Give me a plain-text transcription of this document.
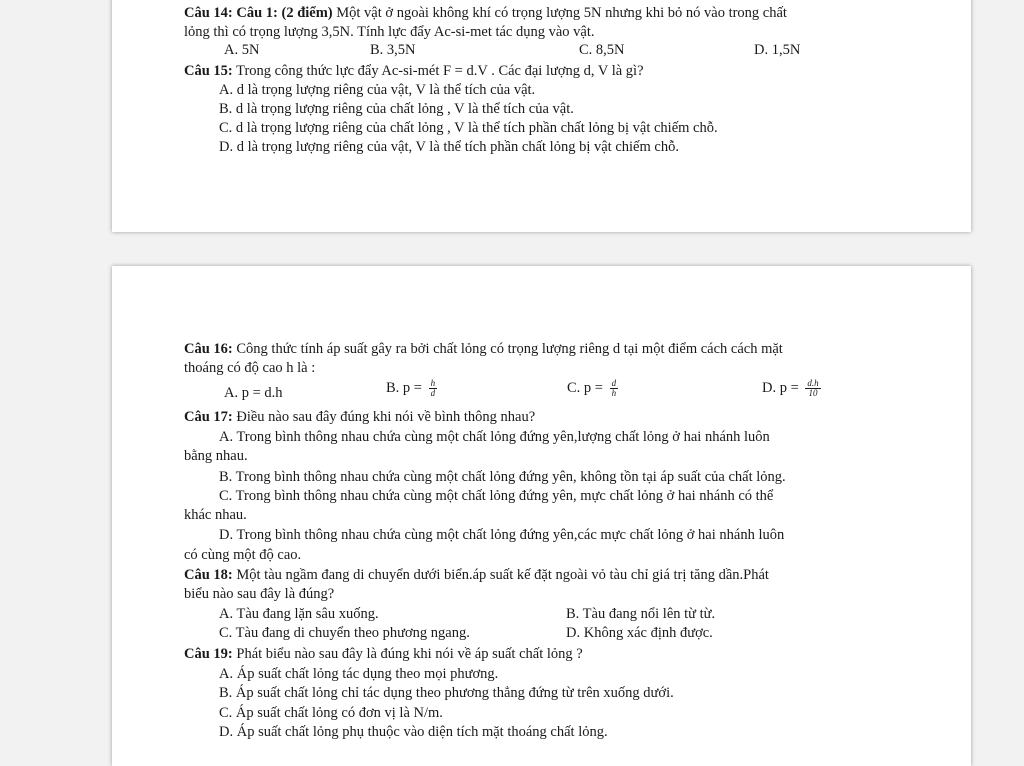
Câu 14: Câu 1: (2 điểm) Một vật ở ngoài không khí có trọng lượng 5N nhưng khi bỏ nó vào trong chất
lỏng thì có trọng lượng 3,5N. Tính lực đẩy Ac-si-met tác dụng vào vật.
A. 5N	B. 3,5N	C. 8,5N	D. 1,5N
Câu 15: Trong công thức lực đẩy Ac-si-mét F = d.V . Các đại lượng d, V là gì?
A. d là trọng lượng riêng của vật, V là thể tích của vật.
B. d là trọng lượng riêng của chất lỏng , V là thể tích của vật.
C. d là trọng lượng riêng của chất lỏng , V là thể tích phần chất lỏng bị vật chiếm chỗ.
D. d là trọng lượng riêng của vật, V là thể tích phần chất lỏng bị vật chiếm chỗ.
Câu 16: Công thức tính áp suất gây ra bởi chất lỏng có trọng lượng riêng d tại một điểm cách cách mặt
thoáng có độ cao h là :
A. p = d.h	B. $p = \frac{h}{d}$	C. $p = \frac{d}{h}$	D. $p = \frac{d.h}{10}$
Câu 17: Điều nào sau đây đúng khi nói về bình thông nhau?
A. Trong bình thông nhau chứa cùng một chất lỏng đứng yên,lượng chất lỏng ở hai nhánh luôn
bằng nhau.
B. Trong bình thông nhau chứa cùng một chất lỏng đứng yên, không tồn tại áp suất của chất lỏng.
C. Trong bình thông nhau chứa cùng một chất lỏng đứng yên, mực chất lỏng ở hai nhánh có thể
khác nhau.
D. Trong bình thông nhau chứa cùng một chất lỏng đứng yên,các mực chất lỏng ở hai nhánh luôn
có cùng một độ cao.
Câu 18: Một tàu ngầm đang di chuyển dưới biển.áp suất kế đặt ngoài vỏ tàu chỉ giá trị tăng dần.Phát
biểu nào sau đây là đúng?
A. Tàu đang lặn sâu xuống.	B. Tàu đang nổi lên từ từ.
C. Tàu đang di chuyển theo phương ngang.	D. Không xác định được.
Câu 19: Phát biểu nào sau đây là đúng khi nói về áp suất chất lỏng ?
A. Áp suất chất lỏng tác dụng theo mọi phương.
B. Áp suất chất lỏng chỉ tác dụng theo phương thẳng đứng từ trên xuống dưới.
C. Áp suất chất lỏng có đơn vị là N/m.
D. Áp suất chất lỏng phụ thuộc vào diện tích mặt thoáng chất lỏng.
